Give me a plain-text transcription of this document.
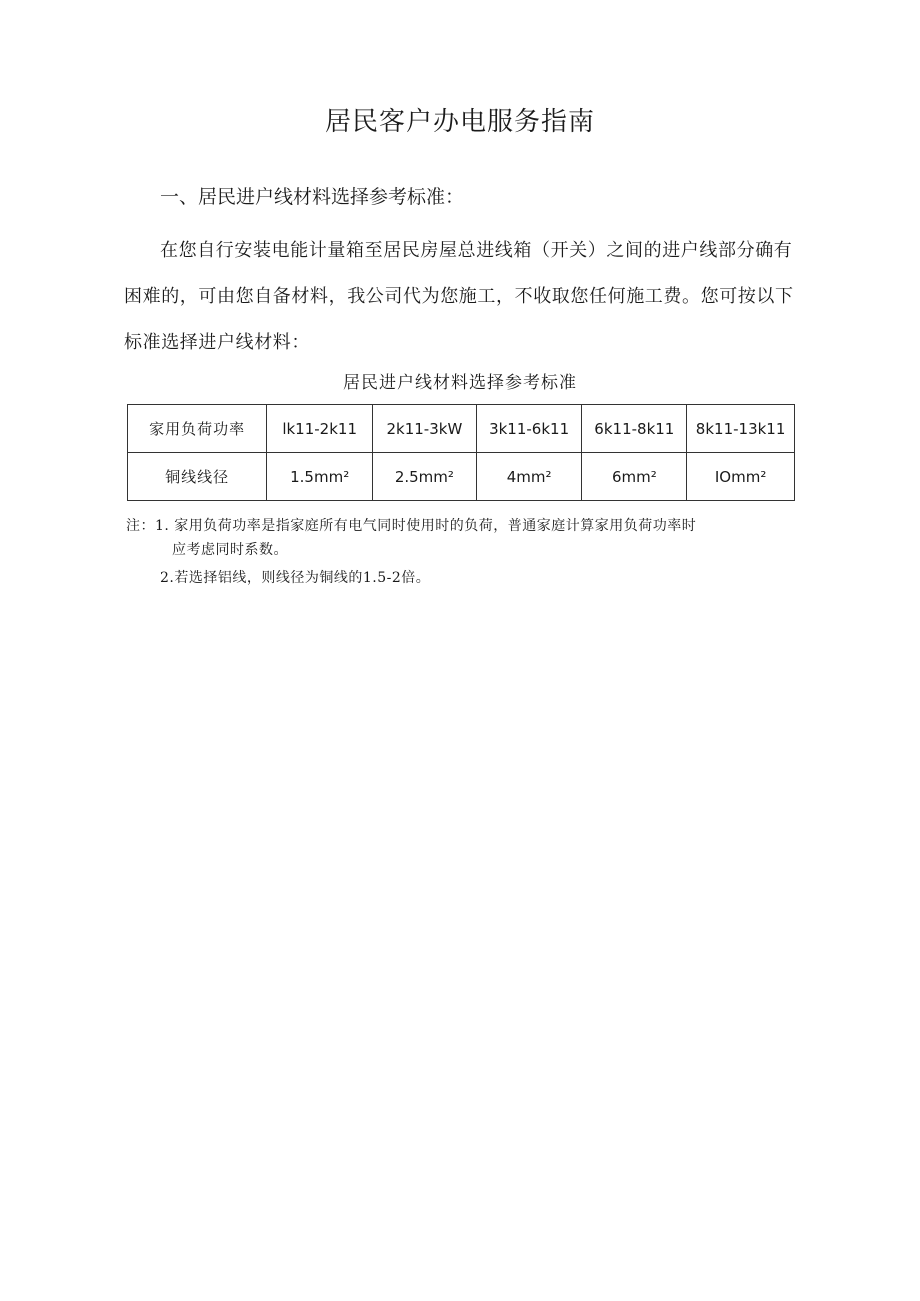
居民客户办电服务指南
一、居民进户线材料选择参考标准：

在您自行安装电能计量箱至居民房屋总进线箱（开关）之间的进户线部分确有困难的，可由您自备材料，我公司代为您施工，不收取您任何施工费。您可按以下标准选择进户线材料：

居民进户线材料选择参考标准
家用负荷功率	lk11-2k11	2k11-3kW	3k11-6k11	6k11-8k11	8k11-13k11
铜线线径	1.5mm²	2.5mm²	4mm²	6mm²	IOmm²
注：1. 家用负荷功率是指家庭所有电气同时使用时的负荷，普通家庭计算家用负荷功率时
应考虑同时系数。
2.若选择铝线，则线径为铜线的1.5-2倍。
